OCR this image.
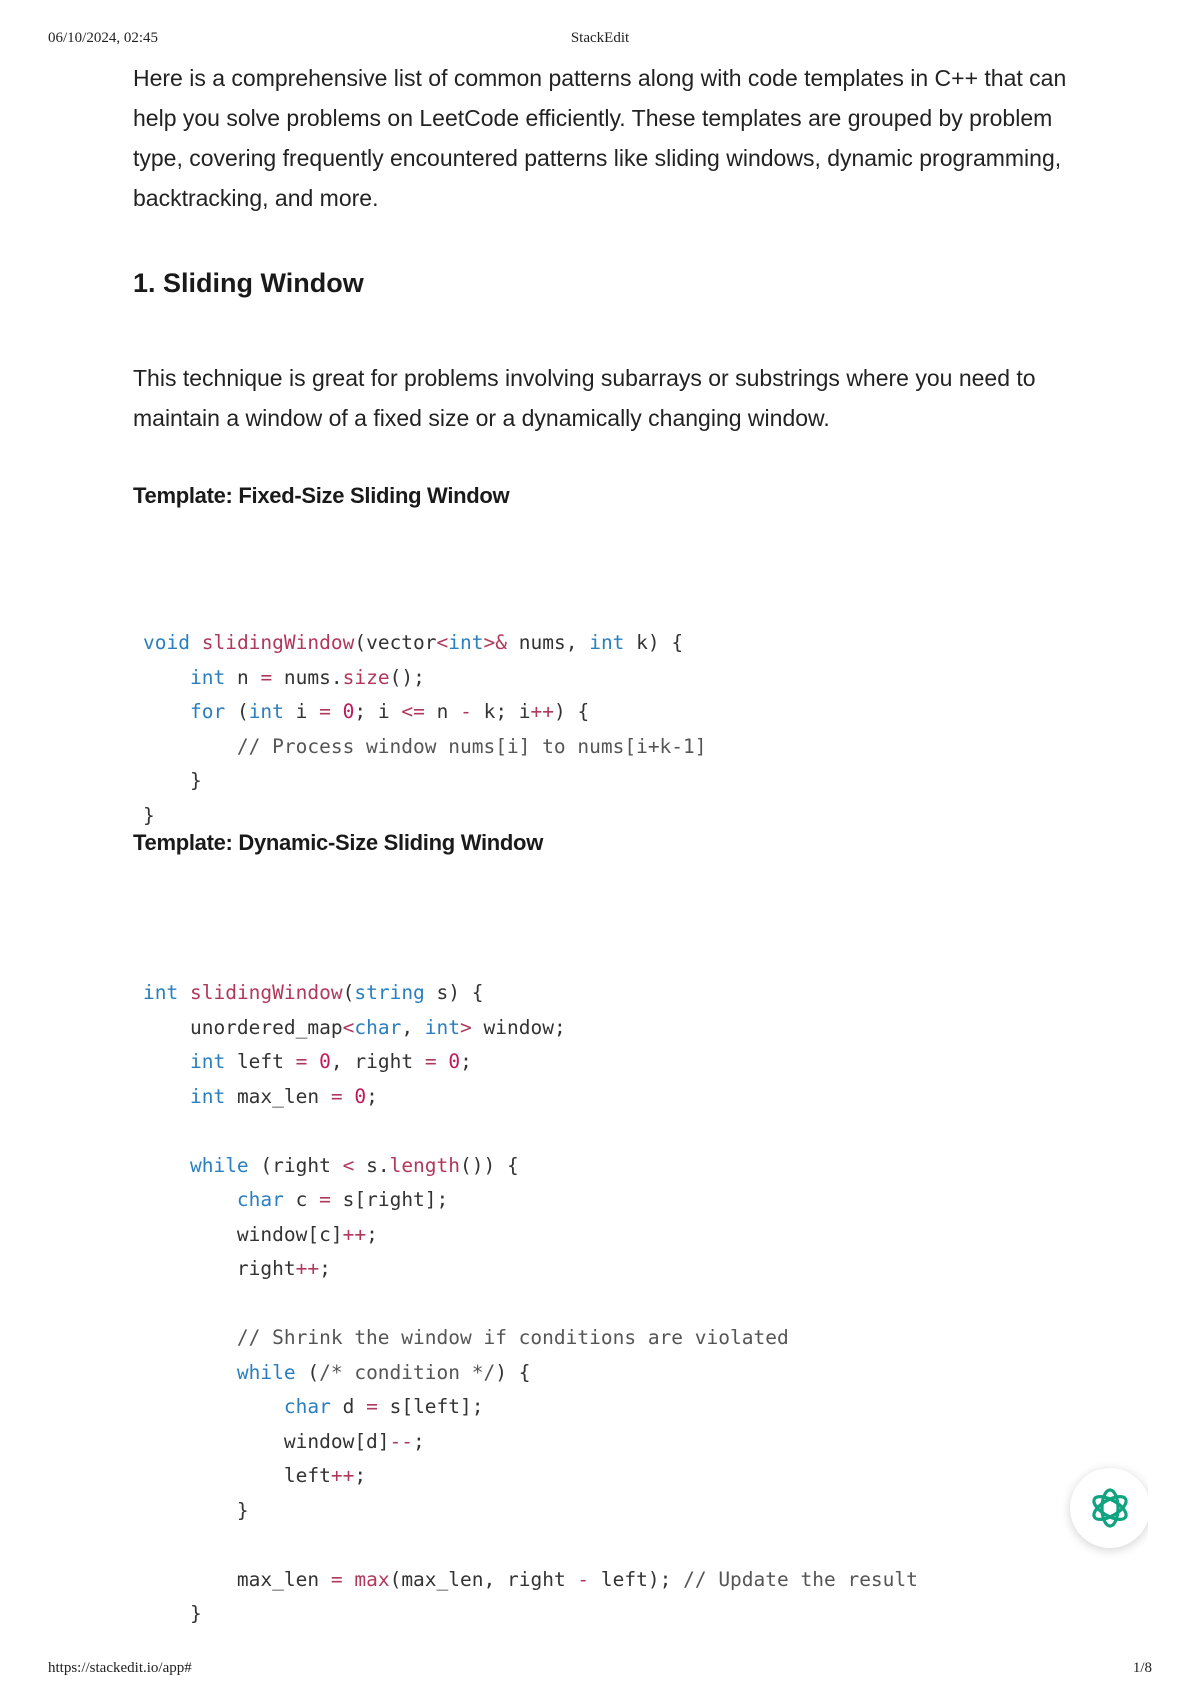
06/10/2024, 02:45	StackEdit

Here is a comprehensive list of common patterns along with code templates in C++ that can help you solve problems on LeetCode efficiently. These templates are grouped by problem type, covering frequently encountered patterns like sliding windows, dynamic programming, backtracking, and more.

1. Sliding Window

This technique is great for problems involving subarrays or substrings where you need to maintain a window of a fixed size or a dynamically changing window.

Template: Fixed-Size Sliding Window
void slidingWindow(vector<int>& nums, int k) {
int n = nums.size();
for (int i = 0; i <= n - k; i++) {
// Process window nums[i] to nums[i+k-1]
}
}
Template: Dynamic-Size Sliding Window
int slidingWindow(string s) {
unordered_map<char, int> window;
int left = 0, right = 0;
int max_len = 0;

while (right < s.length()) {
char c = s[right];
window[c]++;
right++;

// Shrink the window if conditions are violated
while (/* condition */) {
char d = s[left];
window[d]--;
left++;
}

max_len = max(max_len, right - left); // Update the result
}
https://stackedit.io/app#	1/8
